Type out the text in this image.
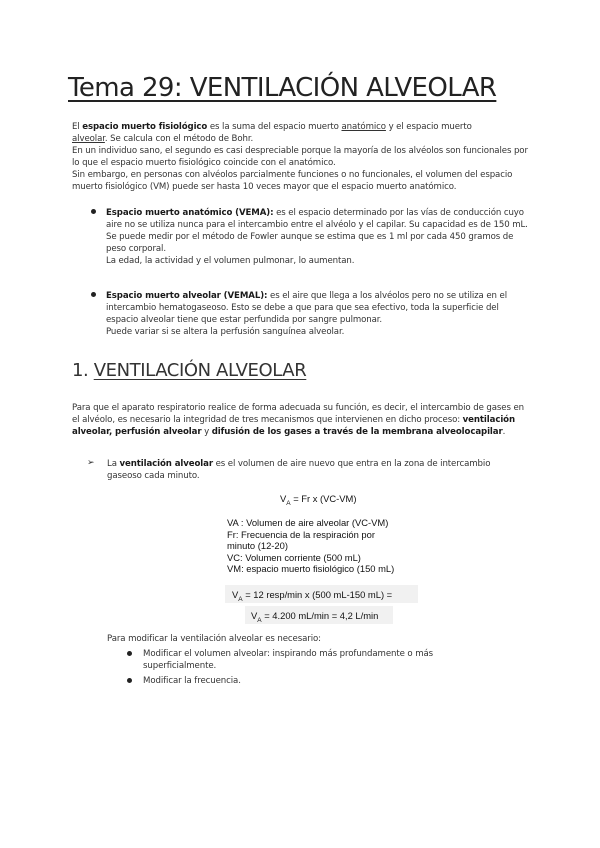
Tema 29: VENTILACIÓN ALVEOLAR

El espacio muerto fisiológico es la suma del espacio muerto anatómico y el espacio muerto
alveolar. Se calcula con el método de Bohr.
En un individuo sano, el segundo es casi despreciable porque la mayoría de los alvéolos son funcionales por lo que el espacio muerto fisiológico coincide con el anatómico.
Sin embargo, en personas con alvéolos parcialmente funciones o no funcionales, el volumen del espacio muerto fisiológico (VM) puede ser hasta 10 veces mayor que el espacio muerto anatómico.

Espacio muerto anatómico (VEMA): es el espacio determinado por las vías de conducción cuyo aire no se utiliza nunca para el intercambio entre el alvéolo y el capilar. Su capacidad es de 150 mL.
Se puede medir por el método de Fowler aunque se estima que es 1 ml por cada 450 gramos de peso corporal.
La edad, la actividad y el volumen pulmonar, lo aumentan.

Espacio muerto alveolar (VEMAL): es el aire que llega a los alvéolos pero no se utiliza en el intercambio hematogaseoso. Esto se debe a que para que sea efectivo, toda la superficie del espacio alveolar tiene que estar perfundida por sangre pulmonar.
Puede variar si se altera la perfusión sanguínea alveolar.

1. VENTILACIÓN ALVEOLAR

Para que el aparato respiratorio realice de forma adecuada su función, es decir, el intercambio de gases en el alvéolo, es necesario la integridad de tres mecanismos que intervienen en dicho proceso: ventilación alveolar, perfusión alveolar y difusión de los gases a través de la membrana alveolocapilar.

➢ La ventilación alveolar es el volumen de aire nuevo que entra en la zona de intercambio gaseoso cada minuto.

$V_A = Fr$ x (VC-VM)
VA : Volumen de aire alveolar (VC-VM)
Fr: Frecuencia de la respiración por
minuto (12-20)
VC: Volumen corriente (500 mL)
VM: espacio muerto fisiológico (150 mL)
$V_A = 12$ resp/min x (500 mL-150 mL) =
$V_A = 4.200$ mL/min = 4,2 L/min

Para modificar la ventilación alveolar es necesario:

Modificar el volumen alveolar: inspirando más profundamente o más superficialmente.

Modificar la frecuencia.
